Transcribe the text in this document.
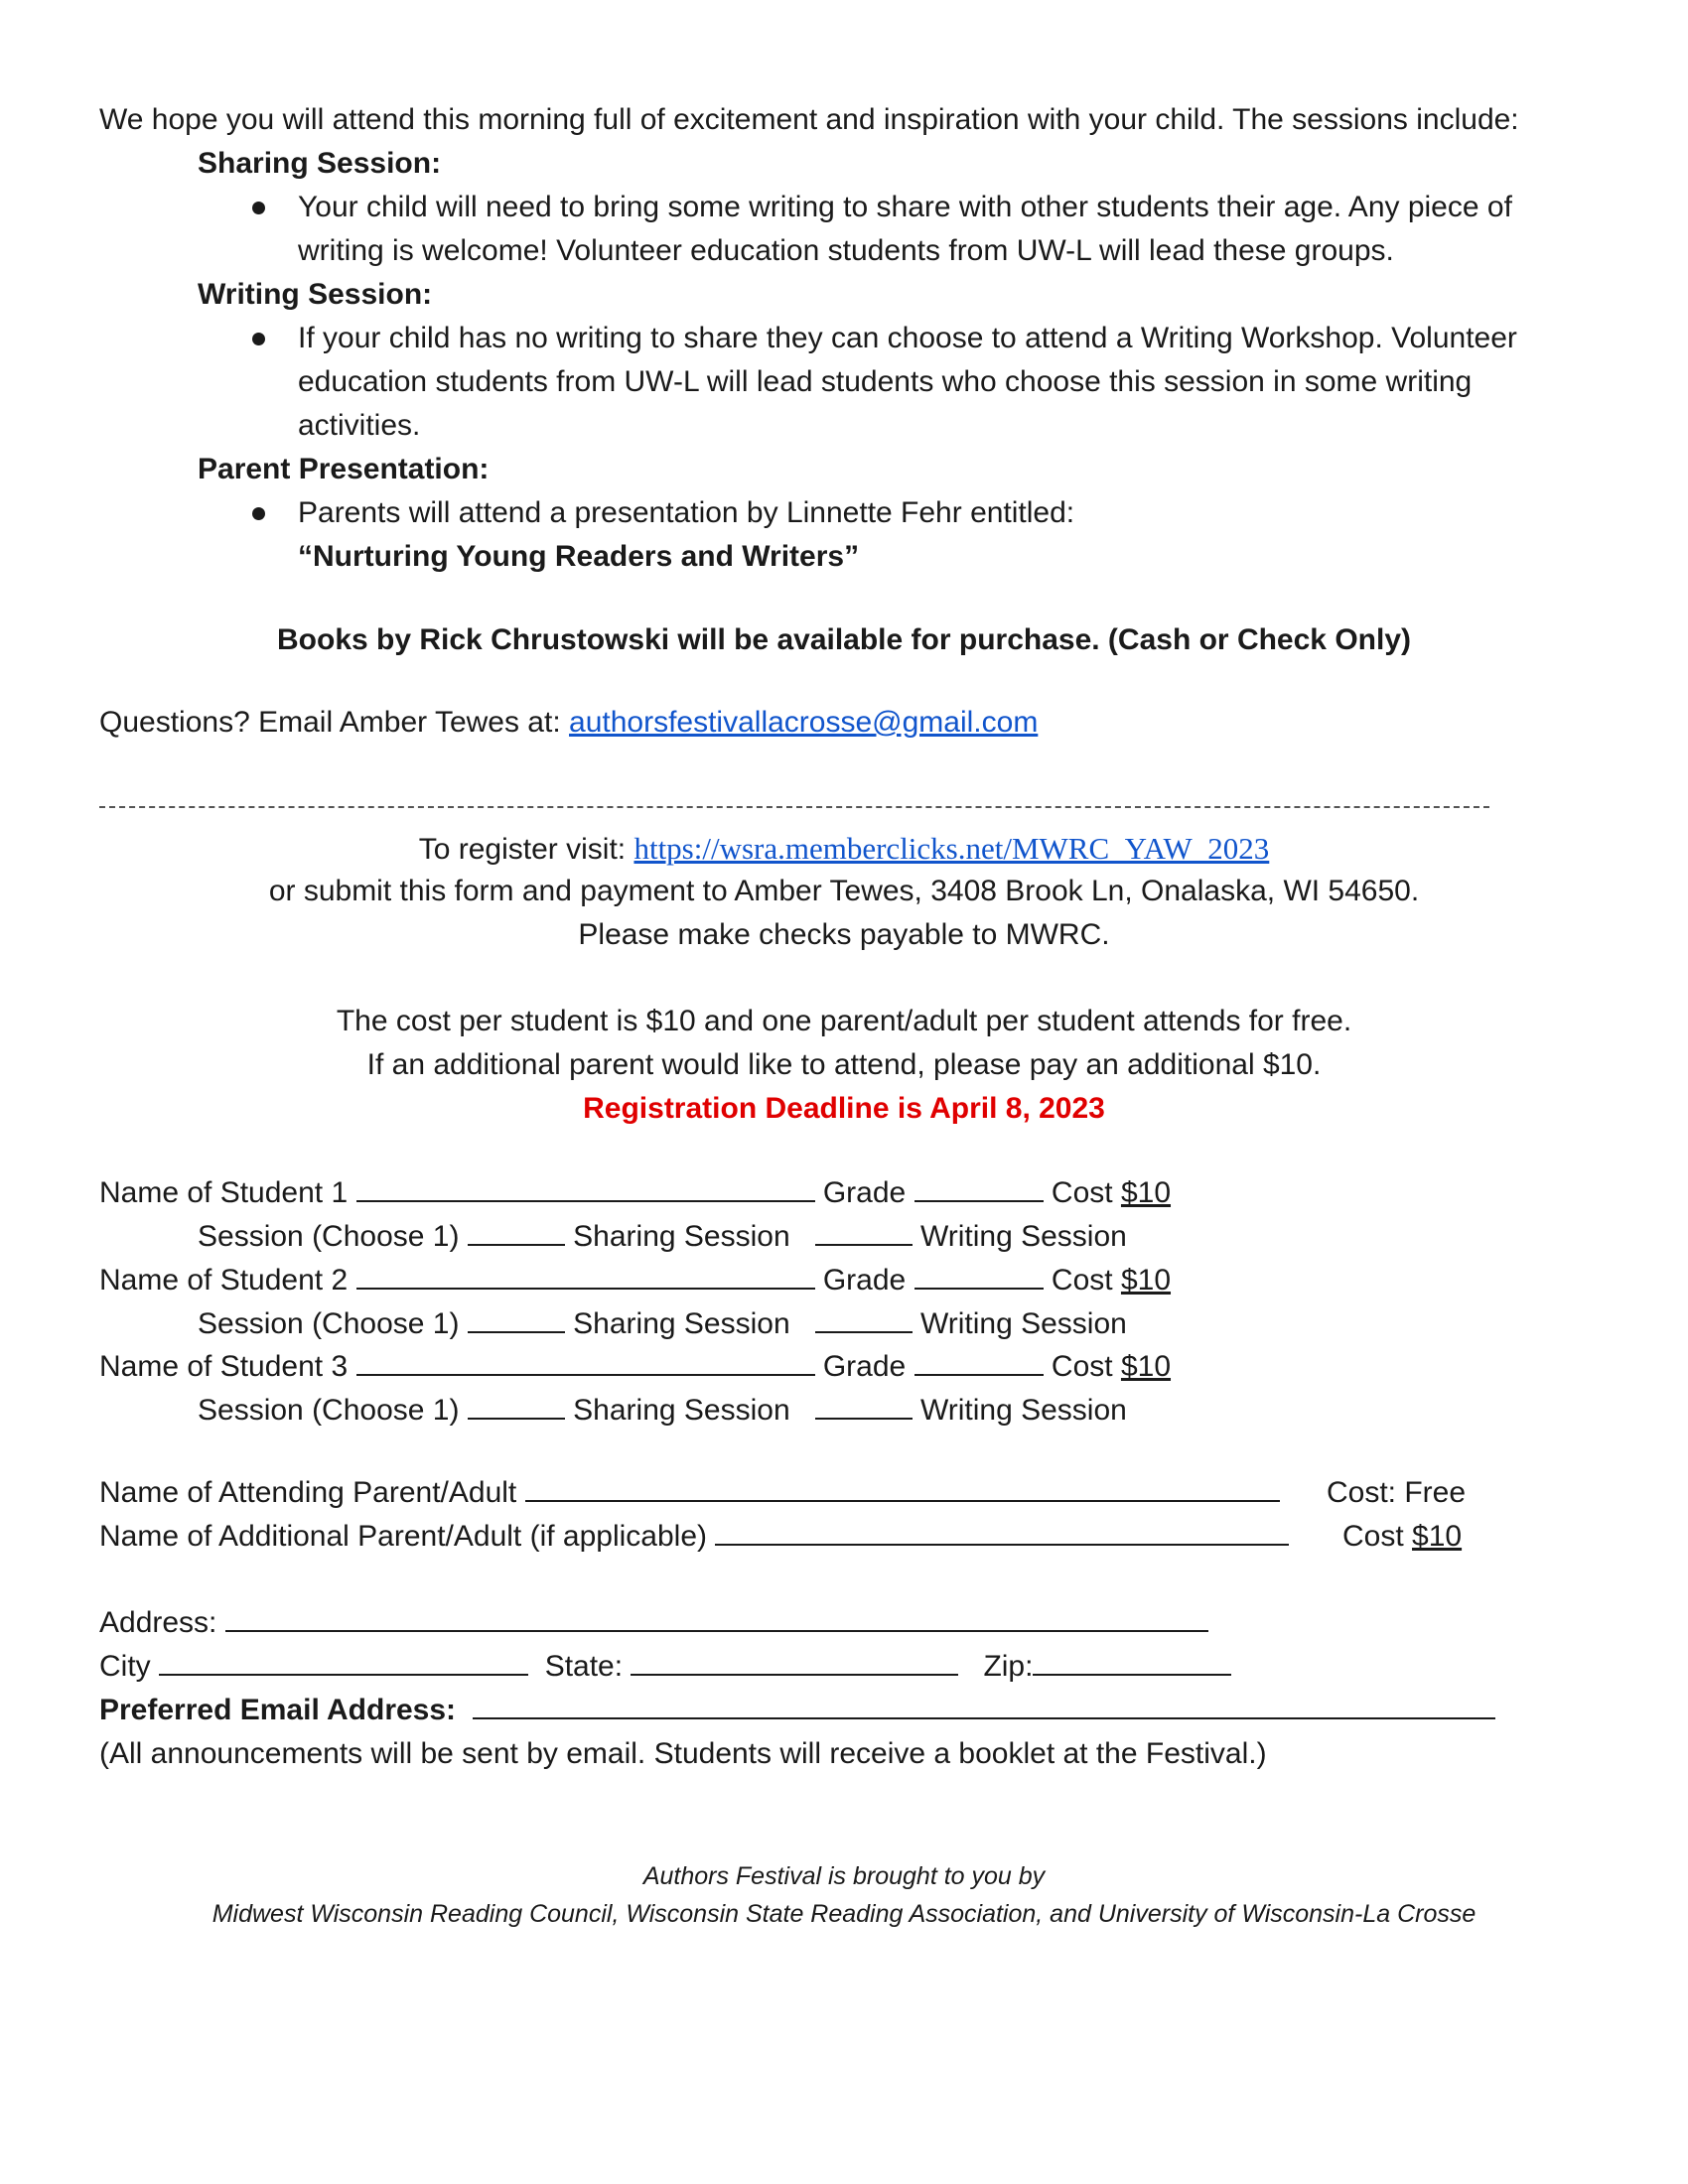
We hope you will attend this morning full of excitement and inspiration with your child. The sessions include:
Sharing Session:
Your child will need to bring some writing to share with other students their age. Any piece of
writing is welcome! Volunteer education students from UW-L will lead these groups.
Writing Session:
If your child has no writing to share they can choose to attend a Writing Workshop. Volunteer
education students from UW-L will lead students who choose this session in some writing
activities.
Parent Presentation:
Parents will attend a presentation by Linnette Fehr entitled:
“Nurturing Young Readers and Writers”
Books by Rick Chrustowski will be available for purchase. (Cash or Check Only)
Questions? Email Amber Tewes at: authorsfestivallacrosse@gmail.com
To register visit: https://wsra.memberclicks.net/MWRC_YAW_2023
or submit this form and payment to Amber Tewes, 3408 Brook Ln, Onalaska, WI 54650.
Please make checks payable to MWRC.
The cost per student is $10 and one parent/adult per student attends for free.
If an additional parent would like to attend, please pay an additional $10.
Registration Deadline is April 8, 2023
Name of Student 1	Grade	Cost $10
Session (Choose 1)	Sharing Session	Writing Session
Name of Student 2	Grade	Cost $10
Session (Choose 1)	Sharing Session	Writing Session
Name of Student 3	Grade	Cost $10
Session (Choose 1)	Sharing Session	Writing Session
Name of Attending Parent/Adult	Cost: Free
Name of Additional Parent/Adult (if applicable)	Cost $10
Address:
City	State:	Zip:
Preferred Email Address:
(All announcements will be sent by email. Students will receive a booklet at the Festival.)
Authors Festival is brought to you by
Midwest Wisconsin Reading Council, Wisconsin State Reading Association, and University of Wisconsin-La Crosse
